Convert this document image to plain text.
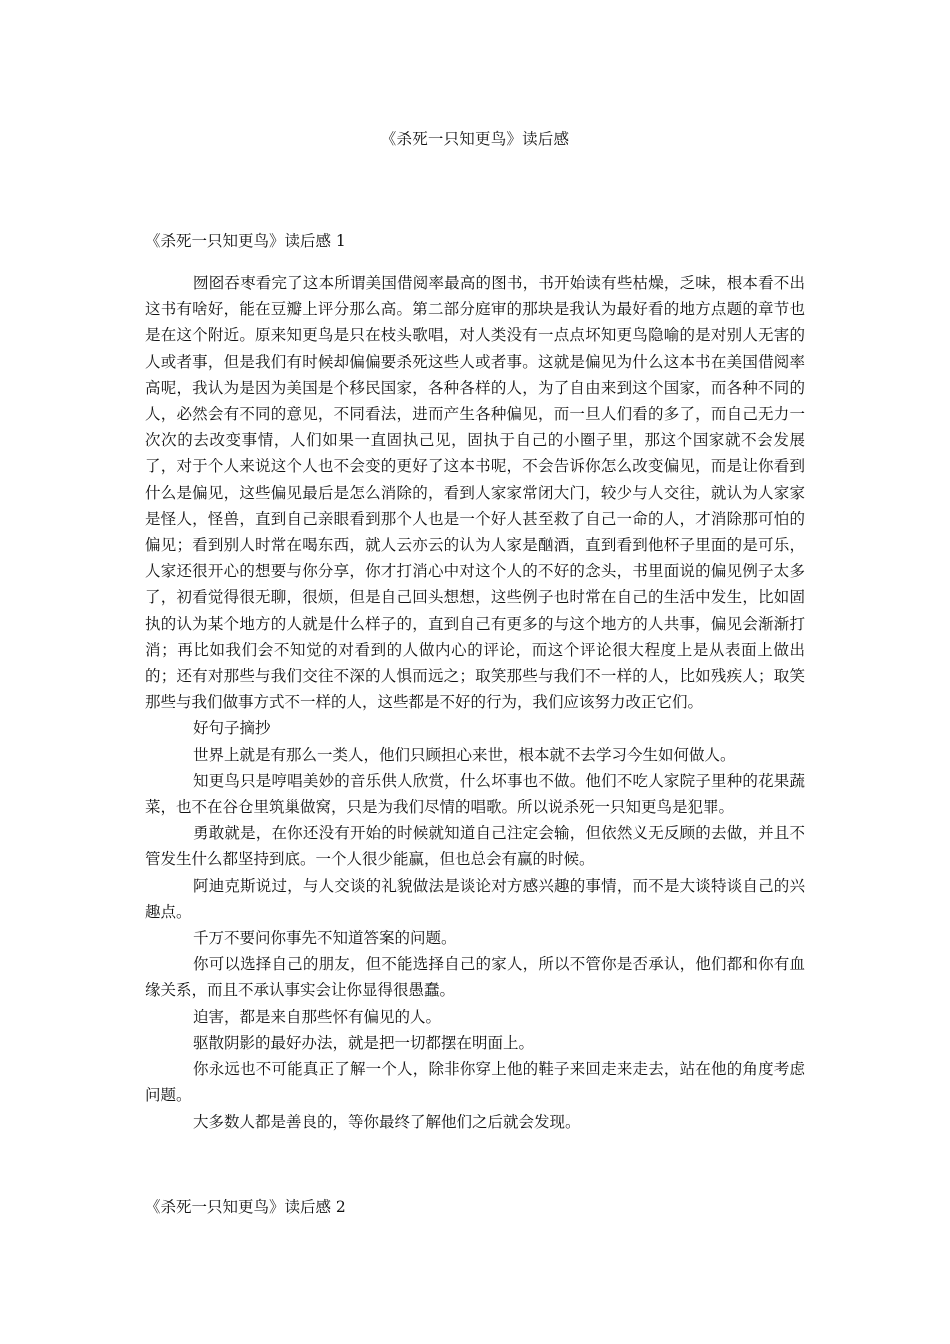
《杀死一只知更鸟》读后感
《杀死一只知更鸟》读后感 1

囫囵吞枣看完了这本所谓美国借阅率最高的图书，书开始读有些枯燥，乏味，根本看不出这书有啥好，能在豆瓣上评分那么高。第二部分庭审的那块是我认为最好看的地方点题的章节也是在这个附近。原来知更鸟是只在枝头歌唱，对人类没有一点点坏知更鸟隐喻的是对别人无害的人或者事，但是我们有时候却偏偏要杀死这些人或者事。这就是偏见为什么这本书在美国借阅率高呢，我认为是因为美国是个移民国家，各种各样的人，为了自由来到这个国家，而各种不同的人，必然会有不同的意见，不同看法，进而产生各种偏见，而一旦人们看的多了，而自己无力一次次的去改变事情，人们如果一直固执己见，固执于自己的小圈子里，那这个国家就不会发展了，对于个人来说这个人也不会变的更好了这本书呢，不会告诉你怎么改变偏见，而是让你看到什么是偏见，这些偏见最后是怎么消除的，看到人家家常闭大门，较少与人交往，就认为人家家是怪人，怪兽，直到自己亲眼看到那个人也是一个好人甚至救了自己一命的人，才消除那可怕的偏见；看到别人时常在喝东西，就人云亦云的认为人家是酗酒，直到看到他杯子里面的是可乐，人家还很开心的想要与你分享，你才打消心中对这个人的不好的念头，书里面说的偏见例子太多了，初看觉得很无聊，很烦，但是自己回头想想，这些例子也时常在自己的生活中发生，比如固执的认为某个地方的人就是什么样子的，直到自己有更多的与这个地方的人共事，偏见会渐渐打消；再比如我们会不知觉的对看到的人做内心的评论，而这个评论很大程度上是从表面上做出的；还有对那些与我们交往不深的人惧而远之；取笑那些与我们不一样的人，比如残疾人；取笑那些与我们做事方式不一样的人，这些都是不好的行为，我们应该努力改正它们。

好句子摘抄

世界上就是有那么一类人，他们只顾担心来世，根本就不去学习今生如何做人。

知更鸟只是哼唱美妙的音乐供人欣赏，什么坏事也不做。他们不吃人家院子里种的花果蔬菜，也不在谷仓里筑巢做窝，只是为我们尽情的唱歌。所以说杀死一只知更鸟是犯罪。

勇敢就是，在你还没有开始的时候就知道自己注定会输，但依然义无反顾的去做，并且不管发生什么都坚持到底。一个人很少能赢，但也总会有赢的时候。

阿迪克斯说过，与人交谈的礼貌做法是谈论对方感兴趣的事情，而不是大谈特谈自己的兴趣点。

千万不要问你事先不知道答案的问题。

你可以选择自己的朋友，但不能选择自己的家人，所以不管你是否承认，他们都和你有血缘关系，而且不承认事实会让你显得很愚蠢。

迫害，都是来自那些怀有偏见的人。

驱散阴影的最好办法，就是把一切都摆在明面上。

你永远也不可能真正了解一个人，除非你穿上他的鞋子来回走来走去，站在他的角度考虑问题。

大多数人都是善良的，等你最终了解他们之后就会发现。

《杀死一只知更鸟》读后感 2
